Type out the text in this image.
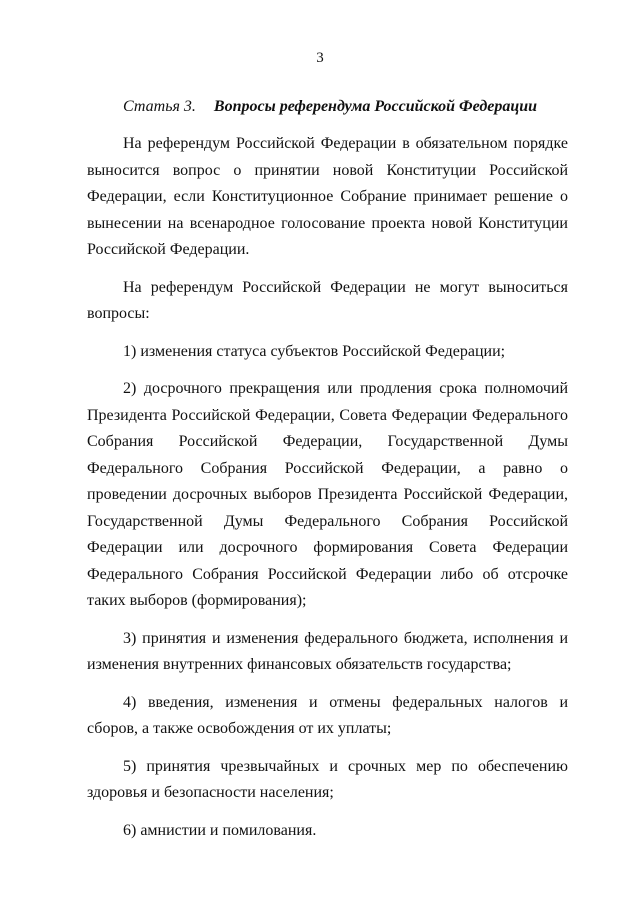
3
Статья 3. Вопросы референдума Российской Федерации

На референдум Российской Федерации в обязательном порядке выносится вопрос о принятии новой Конституции Российской Федерации, если Конституционное Собрание принимает решение о вынесении на всенародное голосование проекта новой Конституции Российской Федерации.

На референдум Российской Федерации не могут выноситься вопросы:

1) изменения статуса субъектов Российской Федерации;

2) досрочного прекращения или продления срока полномочий Президента Российской Федерации, Совета Федерации Федерального Собрания Российской Федерации, Государственной Думы Федерального Собрания Российской Федерации, а равно о проведении досрочных выборов Президента Российской Федерации, Государственной Думы Федерального Собрания Российской Федерации или досрочного формирования Совета Федерации Федерального Собрания Российской Федерации либо об отсрочке таких выборов (формирования);

3) принятия и изменения федерального бюджета, исполнения и изменения внутренних финансовых обязательств государства;

4) введения, изменения и отмены федеральных налогов и сборов, а также освобождения от их уплаты;

5) принятия чрезвычайных и срочных мер по обеспечению здоровья и безопасности населения;

6) амнистии и помилования.
